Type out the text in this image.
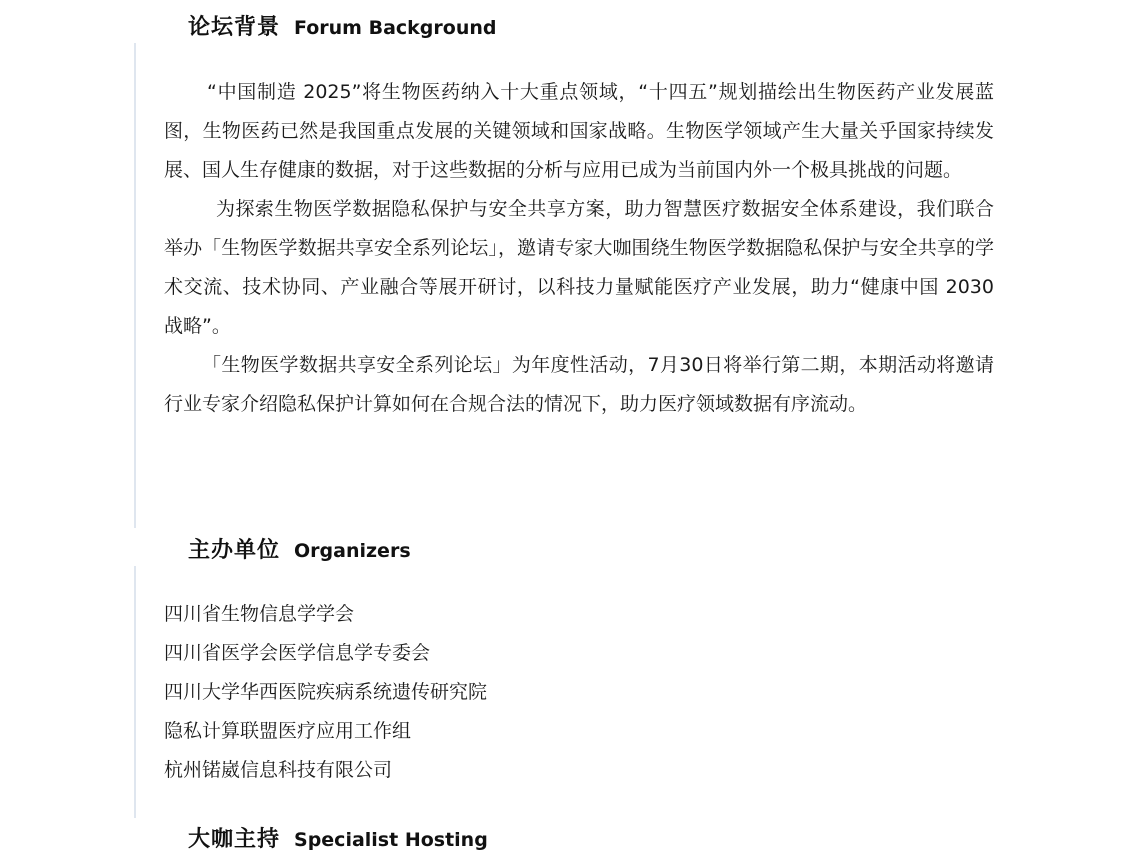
论坛背景 Forum Background

“中国制造 2025”将生物医药纳入十大重点领域，“十四五”规划描绘出生物医药产业发展蓝图，生物医药已然是我国重点发展的关键领域和国家战略。生物医学领域产生大量关乎国家持续发展、国人生存健康的数据，对于这些数据的分析与应用已成为当前国内外一个极具挑战的问题。

为探索生物医学数据隐私保护与安全共享方案，助力智慧医疗数据安全体系建设，我们联合举办「生物医学数据共享安全系列论坛」，邀请专家大咖围绕生物医学数据隐私保护与安全共享的学术交流、技术协同、产业融合等展开研讨，以科技力量赋能医疗产业发展，助力“健康中国 2030 战略”。

「生物医学数据共享安全系列论坛」为年度性活动，7月30日将举行第二期，本期活动将邀请行业专家介绍隐私保护计算如何在合规合法的情况下，助力医疗领域数据有序流动。

主办单位 Organizers
四川省生物信息学学会
四川省医学会医学信息学专委会
四川大学华西医院疾病系统遗传研究院
隐私计算联盟医疗应用工作组
杭州锘崴信息科技有限公司
大咖主持 Specialist Hosting
